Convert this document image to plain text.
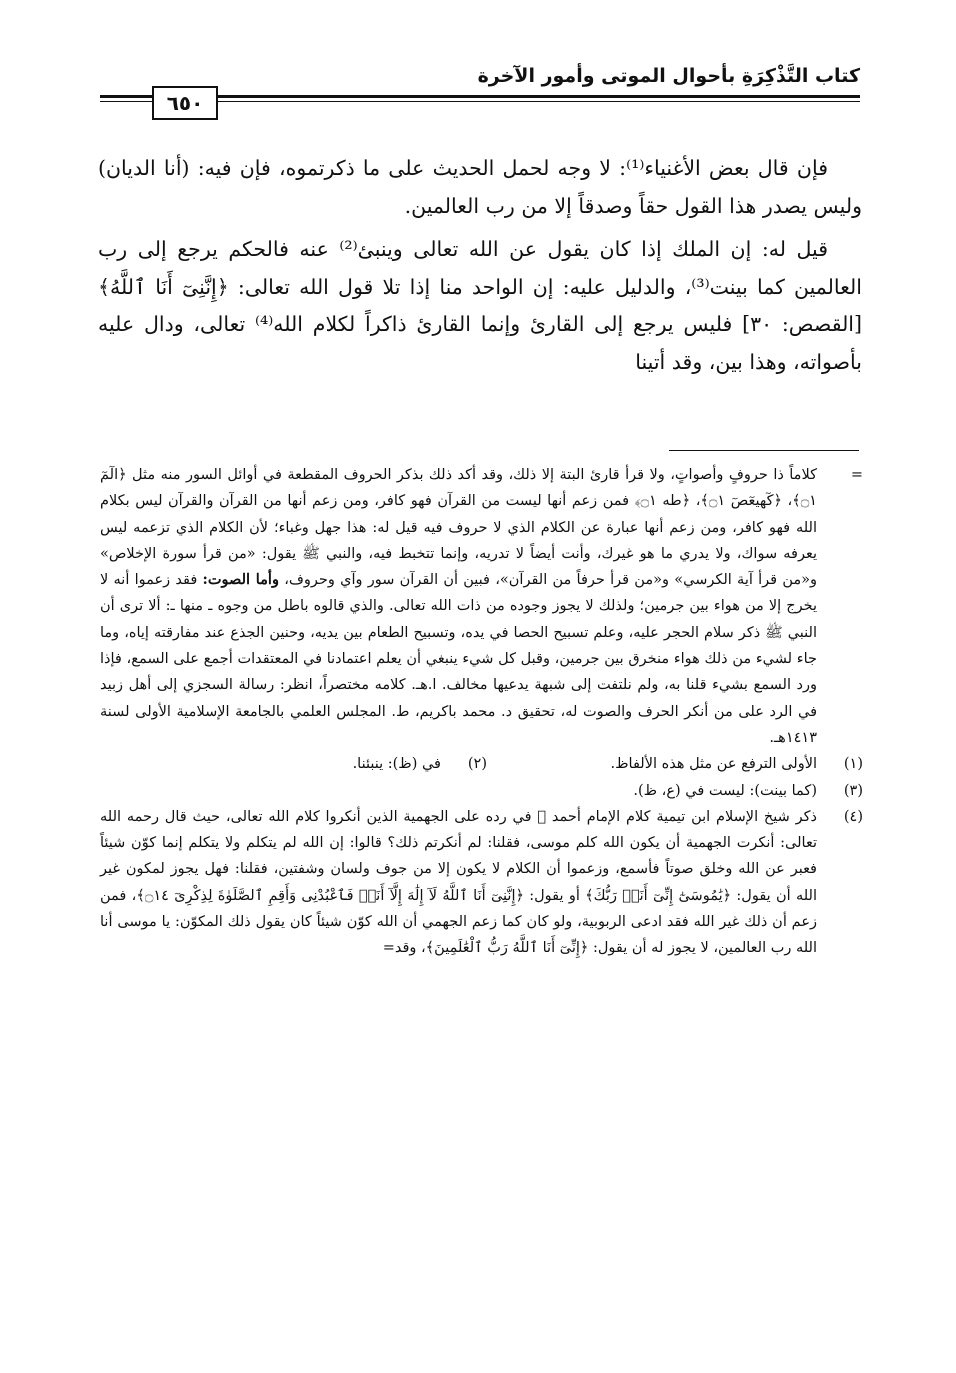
كتاب التَّذْكِرَةِ بأحوال الموتى وأمور الآخرة
٦٥٠

فإن قال بعض الأغنياء⁽¹⁾: لا وجه لحمل الحديث على ما ذكرتموه، فإن فيه: (أنا الديان) وليس يصدر هذا القول حقاً وصدقاً إلا من رب العالمين.

قيل له: إن الملك إذا كان يقول عن الله تعالى وينبئ⁽²⁾ عنه فالحكم يرجع إلى رب العالمين كما بينت⁽³⁾، والدليل عليه: إن الواحد منا إذا تلا قول الله تعالى: ﴿إِنَّنِىٓ أَنَا ٱللَّهُ﴾ [القصص: ٣٠] فليس يرجع إلى القارئ وإنما القارئ ذاكراً لكلام الله⁽⁴⁾ تعالى، ودال عليه بأصواته، وهذا بين، وقد أتينا

=
كلاماً ذا حروفٍ وأصواتٍ، ولا قرأ قارئ البتة إلا ذلك، وقد أكد ذلك بذكر الحروف المقطعة في أوائل السور منه مثل ﴿الٓمٓ ۝١﴾، ﴿كٓهيعٓصٓ ۝١﴾، ﴿طه ۝١﴾ فمن زعم أنها ليست من القرآن فهو كافر، ومن زعم أنها من القرآن والقرآن ليس بكلام الله فهو كافر، ومن زعم أنها عبارة عن الكلام الذي لا حروف فيه قيل له: هذا جهل وغباء؛ لأن الكلام الذي تزعمه ليس يعرفه سواك، ولا يدري ما هو غيرك، وأنت أيضاً لا تدريه، وإنما تتخبط فيه، والنبي ﷺ يقول: «من قرأ سورة الإخلاص» و«من قرأ آية الكرسي» و«من قرأ حرفاً من القرآن»، فبين أن القرآن سور وآي وحروف، وأما الصوت: فقد زعموا أنه لا يخرج إلا من هواء بين جرمين؛ ولذلك لا يجوز وجوده من ذات الله تعالى. والذي قالوه باطل من وجوه ـ منها ـ: ألا ترى أن النبي ﷺ ذكر سلام الحجر عليه، وعلم تسبيح الحصا في يده، وتسبيح الطعام بين يديه، وحنين الجذع عند مفارقته إياه، وما جاء لشيء من ذلك هواء منخرق بين جرمين، وقبل كل شيء ينبغي أن يعلم اعتمادنا في المعتقدات أجمع على السمع، فإذا ورد السمع بشيء قلنا به، ولم نلتفت إلى شبهة يدعيها مخالف. ا.هـ. كلامه مختصراً، انظر: رسالة السجزي إلى أهل زبيد في الرد على من أنكر الحرف والصوت له، تحقيق د. محمد باكريم، ط. المجلس العلمي بالجامعة الإسلامية الأولى لسنة ١٤١٣هـ.
(١)
الأولى الترفع عن مثل هذه الألفاظ.
(٢)
في (ظ): ينبئنا.
(٣)
(كما بينت): ليست في (ع، ظ).
(٤)
ذكر شيخ الإسلام ابن تيمية كلام الإمام أحمد ؒ في رده على الجهمية الذين أنكروا كلام الله تعالى، حيث قال رحمه الله تعالى: أنكرت الجهمية أن يكون الله كلم موسى، فقلنا: لم أنكرتم ذلك؟ قالوا: إن الله لم يتكلم ولا يتكلم إنما كوّن شيئاً فعبر عن الله وخلق صوتاً فأسمع، وزعموا أن الكلام لا يكون إلا من جوف ولسان وشفتين، فقلنا: فهل يجوز لمكون غير الله أن يقول: ﴿يَٰمُوسَىٰٓ إِنِّىٓ أَنَا۠ رَبُّكَ﴾ أو يقول: ﴿إِنَّنِىٓ أَنَا ٱللَّهُ لَآ إِلَٰهَ إِلَّآ أَنَا۠ فَٱعْبُدْنِى وَأَقِمِ ٱلصَّلَوٰةَ لِذِكْرِىٓ ۝١٤﴾، فمن زعم أن ذلك غير الله فقد ادعى الربوبية، ولو كان كما زعم الجهمي أن الله كوّن شيئاً كان يقول ذلك المكوّن: يا موسى أنا الله رب العالمين، لا يجوز له أن يقول: ﴿إِنِّىٓ أَنَا ٱللَّهُ رَبُّ ٱلْعَٰلَمِينَ﴾، وقد=
